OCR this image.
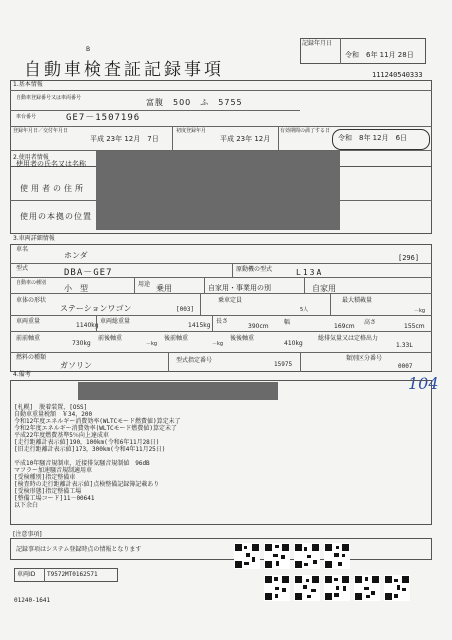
B
自動車検査証記録事項
記録年月日
令和　6年 11月 28日
111240540333
1.基本情報
自動車登録番号又は車両番号	富腹　500　ふ　5755
車台番号	GE7－1507196
登録年月日／交付年月日
平成 23年 12月　7日
初度登録年月
平成 23年 12月
有効期間の満了する日
令和　8年 12月　6日
2.使用者情報
使用者の氏名又は名称
使用者の住所
使用の本拠の位置
3.車両詳細情報
車名
ホンダ	[296]
型式	DBA－GE7	原動機の型式	L13A
自動車の種別
小　型	用途 乗用	自家用・事業用の別	自家用
車体の形状
ステーションワゴン	[003]
乗車定員
5人
最大積載量
－kg
車両重量
1140kg
車両総重量
1415kg
長さ
390cm
幅
169cm
高さ
155cm
前前軸重
730kg
前後軸重
－kg
後前軸重
－kg
後後軸重
410kg
総排気量又は定格出力
1.33L
燃料の種類
ガソリン
型式指定番号
15975
類別区分番号
0007
104
4.備考
[札幌]　脱着装置，[OSS]
自動車重量税額　￥34，200
令和12年度エネルギー消費効率(WLTCモード燃費値)算定未了
令和2年度エネルギー消費効率(WLTCモード燃費値)算定未了
平成22年度燃費基準5％向上達成車
[走行距離計表示値]190，100km(令和6年11月28日)
[旧走行距離計表示値]173，300km(令和4年11月25日)
平成10年騒音規制車，近接排気騒音規制値　96dB
マフラー加速騒音規制適用車
[受検種別]指定整備車
[検査時の走行距離計表示値]点検整備記録簿記載あり
[受検形態]指定整備工場
[整備工場コード]11－00641
以下余白
[注意事項]
記録事項はシステム登録時点の情報となります
車両ID T9572MT0162571
01240-1641
